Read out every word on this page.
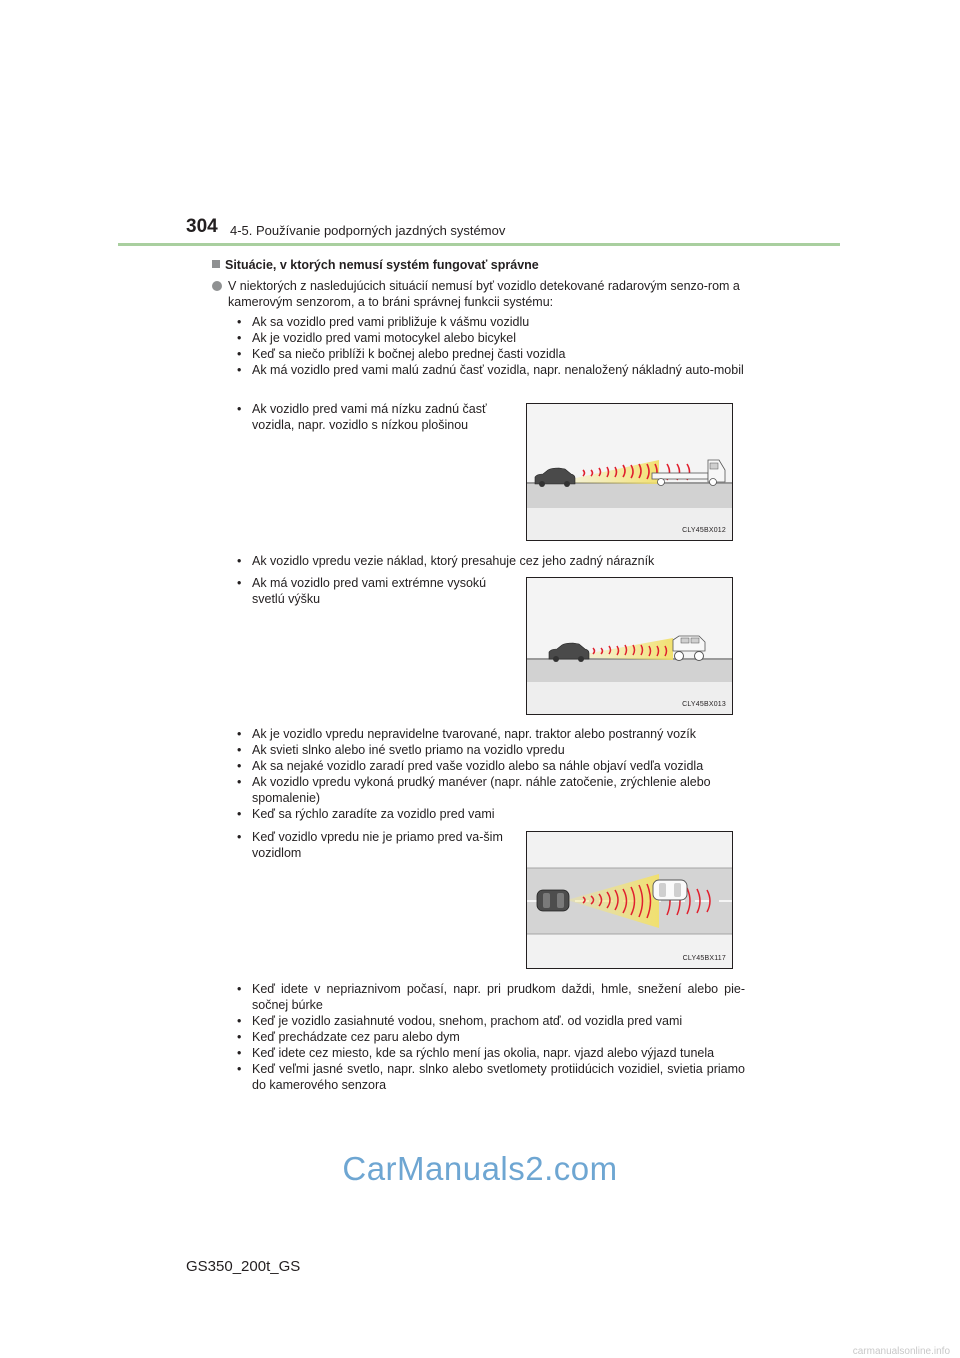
304 4-5. Používanie podporných jazdných systémov
Situácie, v ktorých nemusí systém fungovať správne
V niektorých z nasledujúcich situácií nemusí byť vozidlo detekované radarovým senzo-rom a kamerovým senzorom, a to bráni správnej funkcii systému:
• Ak sa vozidlo pred vami približuje k vášmu vozidlu
• Ak je vozidlo pred vami motocykel alebo bicykel
• Keď sa niečo priblíži k bočnej alebo prednej časti vozidla
• Ak má vozidlo pred vami malú zadnú časť vozidla, napr. nenaložený nákladný auto-mobil
• Ak vozidlo pred vami má nízku zadnú časť vozidla, napr. vozidlo s nízkou plošinou
CLY45BX012
• Ak vozidlo vpredu vezie náklad, ktorý presahuje cez jeho zadný nárazník
• Ak má vozidlo pred vami extrémne vysokú svetlú výšku
CLY45BX013
• Ak je vozidlo vpredu nepravidelne tvarované, napr. traktor alebo postranný vozík
• Ak svieti slnko alebo iné svetlo priamo na vozidlo vpredu
• Ak sa nejaké vozidlo zaradí pred vaše vozidlo alebo sa náhle objaví vedľa vozidla
• Ak vozidlo vpredu vykoná prudký manéver (napr. náhle zatočenie, zrýchlenie alebo spomalenie)
• Keď sa rýchlo zaradíte za vozidlo pred vami
• Keď vozidlo vpredu nie je priamo pred va-šim vozidlom
CLY45BX117
• Keď idete v nepriaznivom počasí, napr. pri prudkom daždi, hmle, snežení alebo pie-sočnej búrke
• Keď je vozidlo zasiahnuté vodou, snehom, prachom atď. od vozidla pred vami
• Keď prechádzate cez paru alebo dym
• Keď idete cez miesto, kde sa rýchlo mení jas okolia, napr. vjazd alebo výjazd tunela
• Keď veľmi jasné svetlo, napr. slnko alebo svetlomety protiidúcich vozidiel, svietia priamo do kamerového senzora
CarManuals2.com
GS350_200t_GS
carmanualsonline.info
